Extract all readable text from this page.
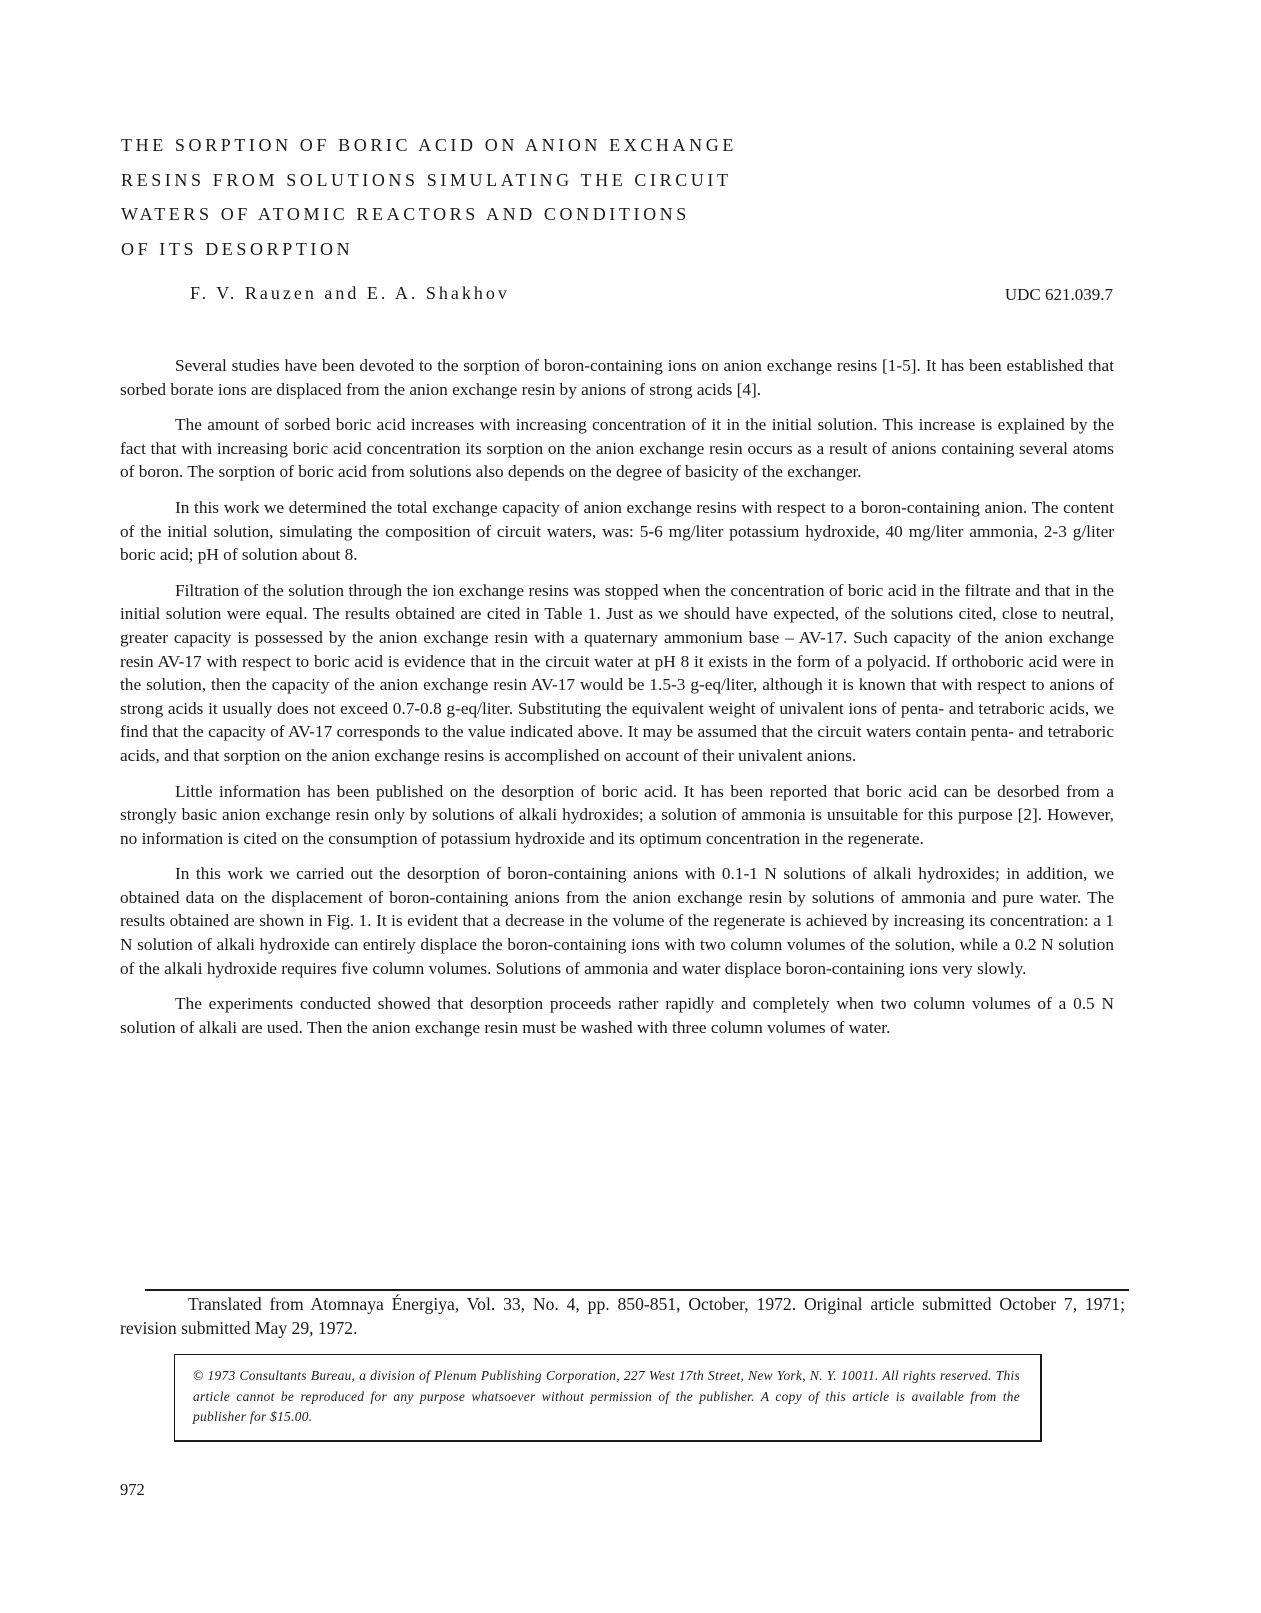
THE SORPTION OF BORIC ACID ON ANION EXCHANGE

RESINS FROM SOLUTIONS SIMULATING THE CIRCUIT

WATERS OF ATOMIC REACTORS AND CONDITIONS

OF ITS DESORPTION

F. V. Rauzen and E. A. Shakhov	UDC 621.039.7

Several studies have been devoted to the sorption of boron-containing ions on anion exchange resins [1-5]. It has been established that sorbed borate ions are displaced from the anion exchange resin by anions of strong acids [4].

The amount of sorbed boric acid increases with increasing concentration of it in the initial solution. This increase is explained by the fact that with increasing boric acid concentration its sorption on the anion exchange resin occurs as a result of anions containing several atoms of boron. The sorption of boric acid from solutions also depends on the degree of basicity of the exchanger.

In this work we determined the total exchange capacity of anion exchange resins with respect to a boron-containing anion. The content of the initial solution, simulating the composition of circuit waters, was: 5-6 mg/liter potassium hydroxide, 40 mg/liter ammonia, 2-3 g/liter boric acid; pH of solution about 8.

Filtration of the solution through the ion exchange resins was stopped when the concentration of boric acid in the filtrate and that in the initial solution were equal. The results obtained are cited in Table 1. Just as we should have expected, of the solutions cited, close to neutral, greater capacity is possessed by the anion exchange resin with a quaternary ammonium base – AV-17. Such capacity of the anion exchange resin AV-17 with respect to boric acid is evidence that in the circuit water at pH 8 it exists in the form of a polyacid. If orthoboric acid were in the solution, then the capacity of the anion exchange resin AV-17 would be 1.5-3 g-eq/liter, although it is known that with respect to anions of strong acids it usually does not exceed 0.7-0.8 g-eq/liter. Substituting the equivalent weight of univalent ions of penta- and tetraboric acids, we find that the capacity of AV-17 corresponds to the value indicated above. It may be assumed that the circuit waters contain penta- and tetraboric acids, and that sorption on the anion exchange resins is accomplished on account of their univalent anions.

Little information has been published on the desorption of boric acid. It has been reported that boric acid can be desorbed from a strongly basic anion exchange resin only by solutions of alkali hydroxides; a solution of ammonia is unsuitable for this purpose [2]. However, no information is cited on the consumption of potassium hydroxide and its optimum concentration in the regenerate.

In this work we carried out the desorption of boron-containing anions with 0.1-1 N solutions of alkali hydroxides; in addition, we obtained data on the displacement of boron-containing anions from the anion exchange resin by solutions of ammonia and pure water. The results obtained are shown in Fig. 1. It is evident that a decrease in the volume of the regenerate is achieved by increasing its concentration: a 1 N solution of alkali hydroxide can entirely displace the boron-containing ions with two column volumes of the solution, while a 0.2 N solution of the alkali hydroxide requires five column volumes. Solutions of ammonia and water displace boron-containing ions very slowly.

The experiments conducted showed that desorption proceeds rather rapidly and completely when two column volumes of a 0.5 N solution of alkali are used. Then the anion exchange resin must be washed with three column volumes of water.

Translated from Atomnaya Énergiya, Vol. 33, No. 4, pp. 850-851, October, 1972. Original article submitted October 7, 1971; revision submitted May 29, 1972.
© 1973 Consultants Bureau, a division of Plenum Publishing Corporation, 227 West 17th Street, New York, N. Y. 10011. All rights reserved. This article cannot be reproduced for any purpose whatsoever without permission of the publisher. A copy of this article is available from the publisher for $15.00.
972
